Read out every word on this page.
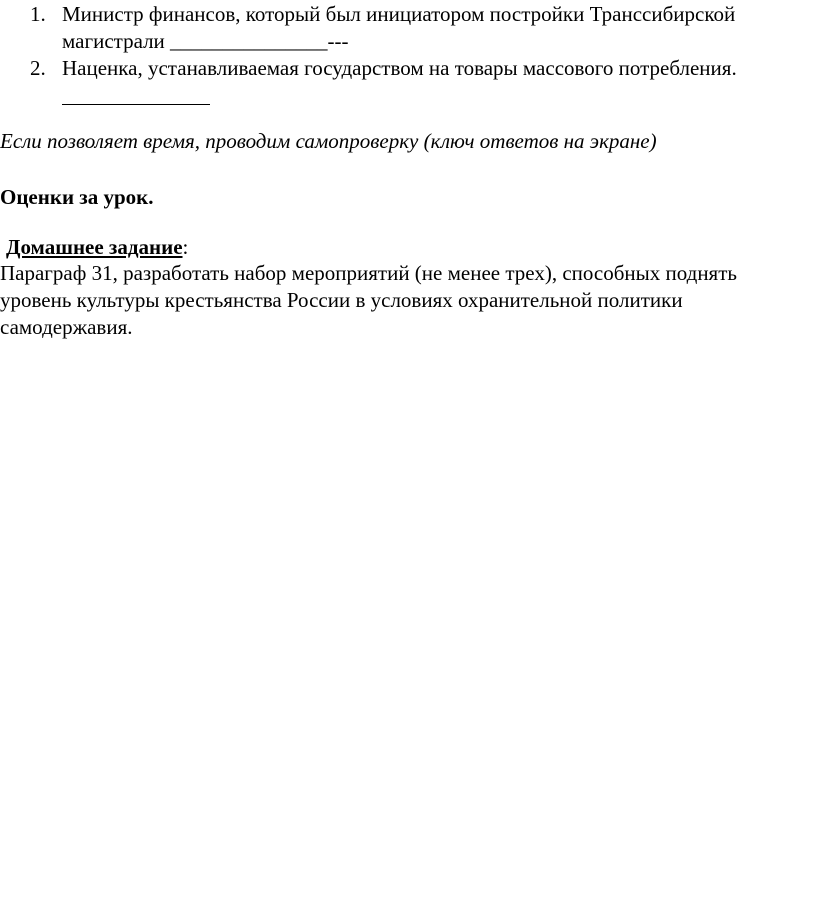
1. Министр финансов, который был инициатором постройки Транссибирской магистрали _______________---
2. Наценка, устанавливаемая государством на товары массового потребления.
Если позволяет время, проводим самопроверку (ключ ответов на экране)
Оценки за урок.
Домашнее задание:
Параграф 31, разработать набор мероприятий (не менее трех), способных поднять уровень культуры крестьянства России в условиях охранительной политики самодержавия.
